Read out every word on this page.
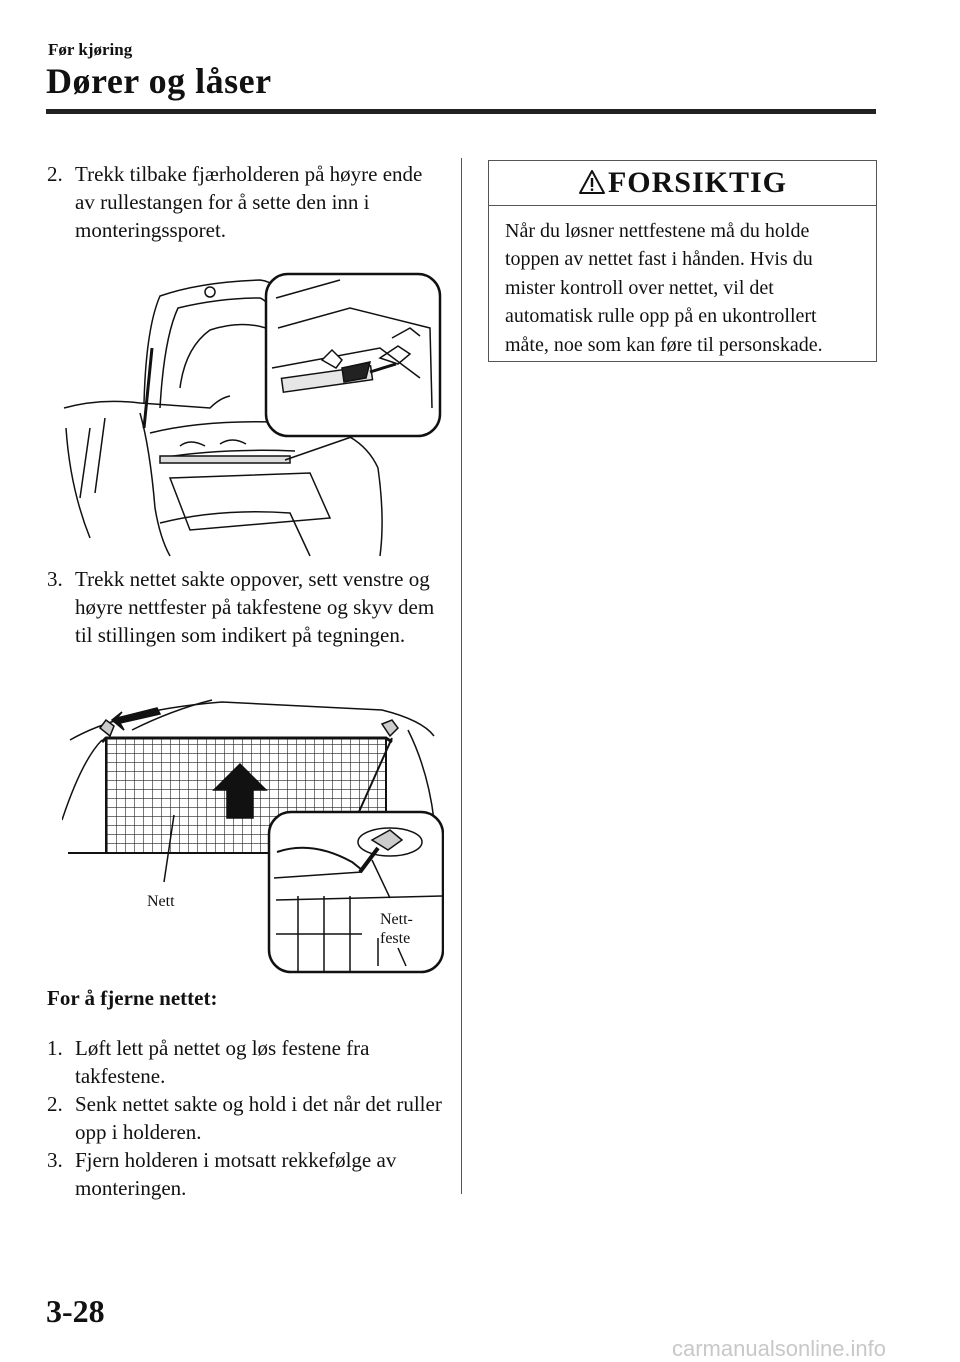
Før kjøring
Dører og låser
2. Trekk tilbake fjærholderen på høyre ende av rullestangen for å sette den inn i monteringssporet.
3. Trekk nettet sakte oppover, sett venstre og høyre nettfester på takfestene og skyv dem til stillingen som indikert på tegningen.
Nett
Nett-
feste
For å fjerne nettet:
1. Løft lett på nettet og løs festene fra takfestene.
2. Senk nettet sakte og hold i det når det ruller opp i holderen.
3. Fjern holderen i motsatt rekkefølge av monteringen.
FORSIKTIG
Når du løsner nettfestene må du holde toppen av nettet fast i hånden. Hvis du mister kontroll over nettet, vil det automatisk rulle opp på en ukontrollert måte, noe som kan føre til personskade.
3-28
carmanualsonline.info
